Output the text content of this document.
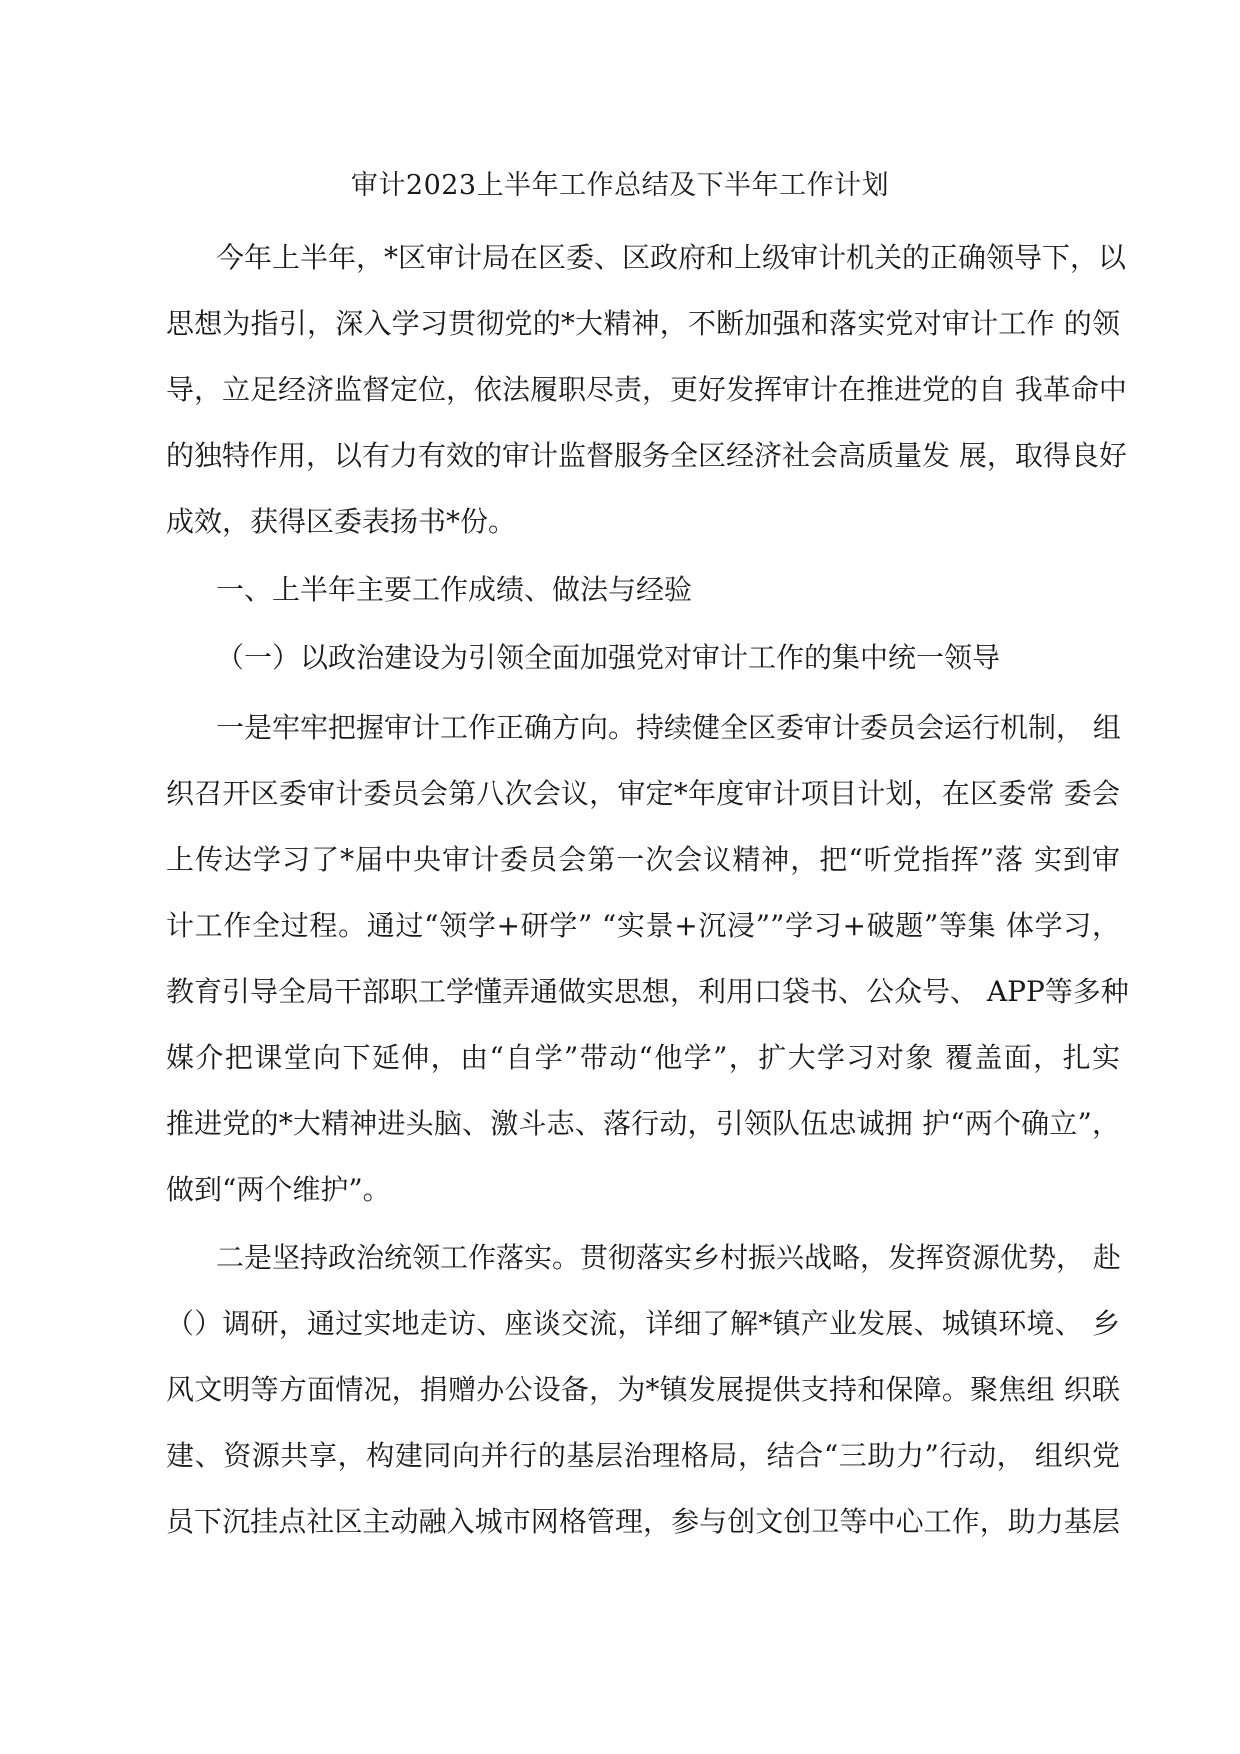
审计2023上半年工作总结及下半年工作计划
今年上半年，*区审计局在区委、区政府和上级审计机关的正确领导下，以
思想为指引，深入学习贯彻党的*大精神，不断加强和落实党对审计工作 的领
导，立足经济监督定位，依法履职尽责，更好发挥审计在推进党的自 我革命中
的独特作用，以有力有效的审计监督服务全区经济社会高质量发 展，取得良好
成效，获得区委表扬书*份。
一、上半年主要工作成绩、做法与经验
（一）以政治建设为引领全面加强党对审计工作的集中统一领导
一是牢牢把握审计工作正确方向。持续健全区委审计委员会运行机制， 组
织召开区委审计委员会第八次会议，审定*年度审计项目计划，在区委常 委会
上传达学习了*届中央审计委员会第一次会议精神，把“听党指挥”落 实到审
计工作全过程。通过“领学+研学” “实景+沉浸””学习+破题”等集 体学习，
教育引导全局干部职工学懂弄通做实思想，利用口袋书、公众号、 APP等多种
媒介把课堂向下延伸，由“自学”带动“他学”，扩大学习对象 覆盖面，扎实
推进党的*大精神进头脑、激斗志、落行动，引领队伍忠诚拥 护“两个确立”，
做到“两个维护”。
二是坚持政治统领工作落实。贯彻落实乡村振兴战略，发挥资源优势， 赴
（）调研，通过实地走访、座谈交流，详细了解*镇产业发展、城镇环境、 乡
风文明等方面情况，捐赠办公设备，为*镇发展提供支持和保障。聚焦组 织联
建、资源共享，构建同向并行的基层治理格局，结合“三助力”行动， 组织党
员下沉挂点社区主动融入城市网格管理，参与创文创卫等中心工作，助力基层
